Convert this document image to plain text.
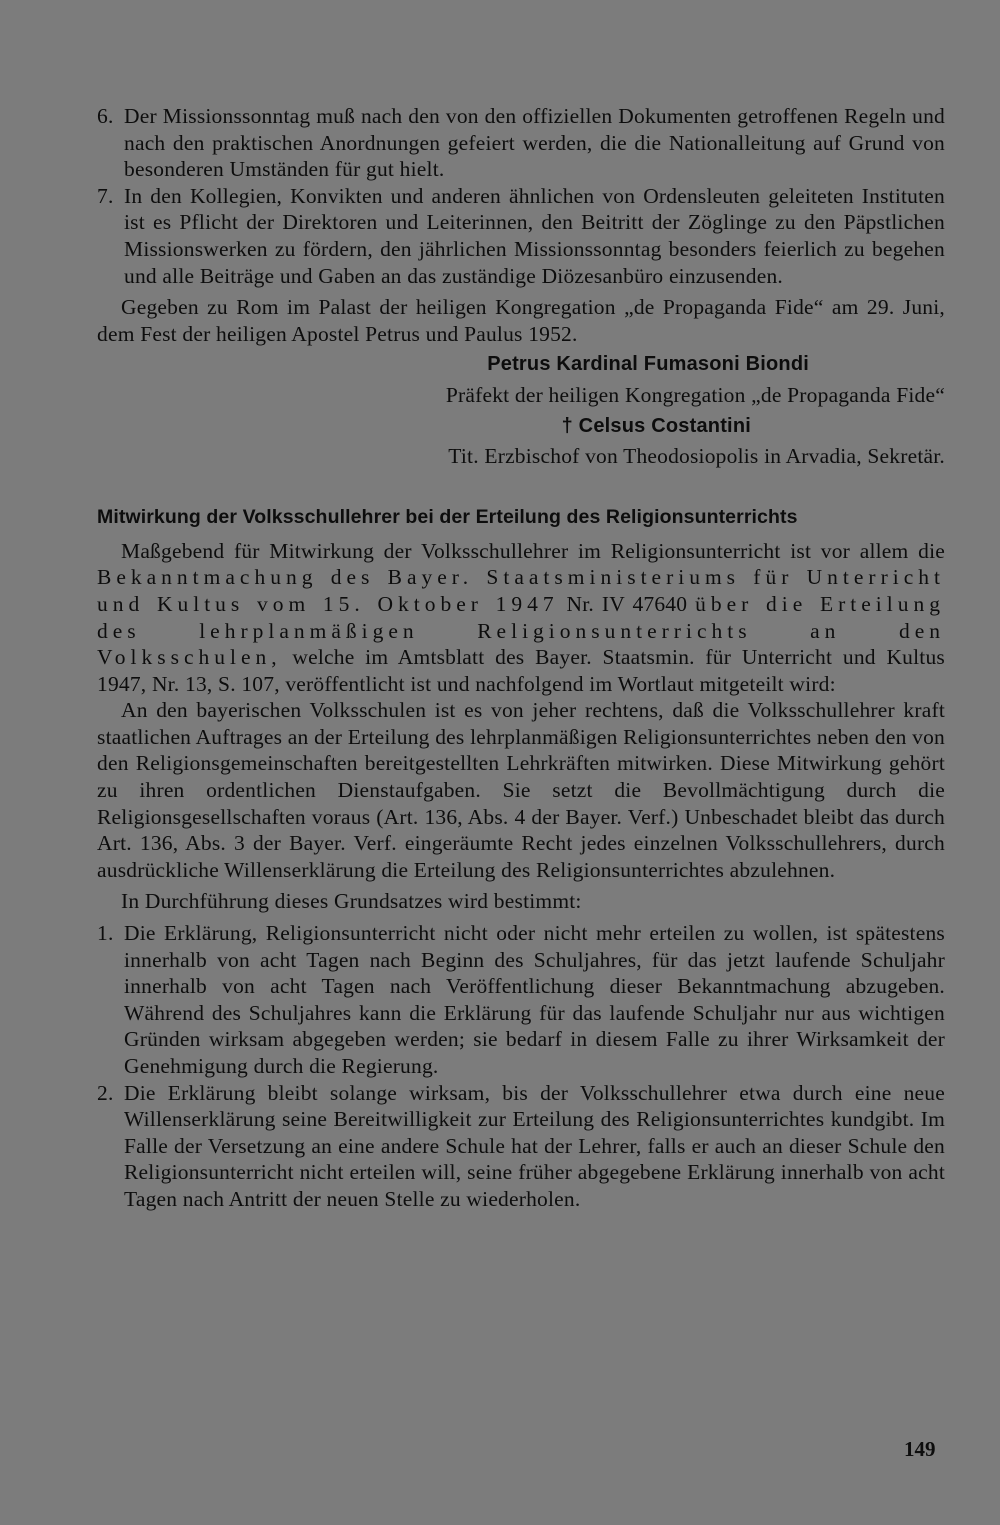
6. Der Missionssonntag muß nach den von den offiziellen Dokumenten getroffenen Regeln und nach den praktischen Anordnungen gefeiert werden, die die Nationalleitung auf Grund von besonderen Umständen für gut hielt.

7. In den Kollegien, Konvikten und anderen ähnlichen von Ordensleuten geleiteten Instituten ist es Pflicht der Direktoren und Leiterinnen, den Beitritt der Zöglinge zu den Päpstlichen Missionswerken zu fördern, den jährlichen Missionssonntag besonders feierlich zu begehen und alle Beiträge und Gaben an das zuständige Diözesanbüro einzusenden.

Gegeben zu Rom im Palast der heiligen Kongregation „de Propaganda Fide“ am 29. Juni, dem Fest der heiligen Apostel Petrus und Paulus 1952.

Petrus Kardinal Fumasoni Biondi
Präfekt der heiligen Kongregation „de Propaganda Fide“
† Celsus Costantini
Tit. Erzbischof von Theodosiopolis in Arvadia, Sekretär.
Mitwirkung der Volksschullehrer bei der Erteilung des Religionsunterrichts

Maßgebend für Mitwirkung der Volksschullehrer im Religionsunterricht ist vor allem die Bekanntmachung des Bayer. Staatsministeriums für Unterricht und Kultus vom 15. Oktober 1947 Nr. IV 47640 über die Erteilung des lehrplanmäßigen Religionsunterrichts an den Volksschulen, welche im Amtsblatt des Bayer. Staatsmin. für Unterricht und Kultus 1947, Nr. 13, S. 107, veröffentlicht ist und nachfolgend im Wortlaut mitgeteilt wird:

An den bayerischen Volksschulen ist es von jeher rechtens, daß die Volksschullehrer kraft staatlichen Auftrages an der Erteilung des lehrplanmäßigen Religionsunterrichtes neben den von den Religionsgemeinschaften bereitgestellten Lehrkräften mitwirken. Diese Mitwirkung gehört zu ihren ordentlichen Dienstaufgaben. Sie setzt die Bevollmächtigung durch die Religionsgesellschaften voraus (Art. 136, Abs. 4 der Bayer. Verf.) Unbeschadet bleibt das durch Art. 136, Abs. 3 der Bayer. Verf. eingeräumte Recht jedes einzelnen Volksschullehrers, durch ausdrückliche Willenserklärung die Erteilung des Religionsunterrichtes abzulehnen.

In Durchführung dieses Grundsatzes wird bestimmt:

1. Die Erklärung, Religionsunterricht nicht oder nicht mehr erteilen zu wollen, ist spätestens innerhalb von acht Tagen nach Beginn des Schuljahres, für das jetzt laufende Schuljahr innerhalb von acht Tagen nach Veröffentlichung dieser Bekanntmachung abzugeben. Während des Schuljahres kann die Erklärung für das laufende Schuljahr nur aus wichtigen Gründen wirksam abgegeben werden; sie bedarf in diesem Falle zu ihrer Wirksamkeit der Genehmigung durch die Regierung.

2. Die Erklärung bleibt solange wirksam, bis der Volksschullehrer etwa durch eine neue Willenserklärung seine Bereitwilligkeit zur Erteilung des Religionsunterrichtes kundgibt. Im Falle der Versetzung an eine andere Schule hat der Lehrer, falls er auch an dieser Schule den Religionsunterricht nicht erteilen will, seine früher abgegebene Erklärung innerhalb von acht Tagen nach Antritt der neuen Stelle zu wiederholen.

149
